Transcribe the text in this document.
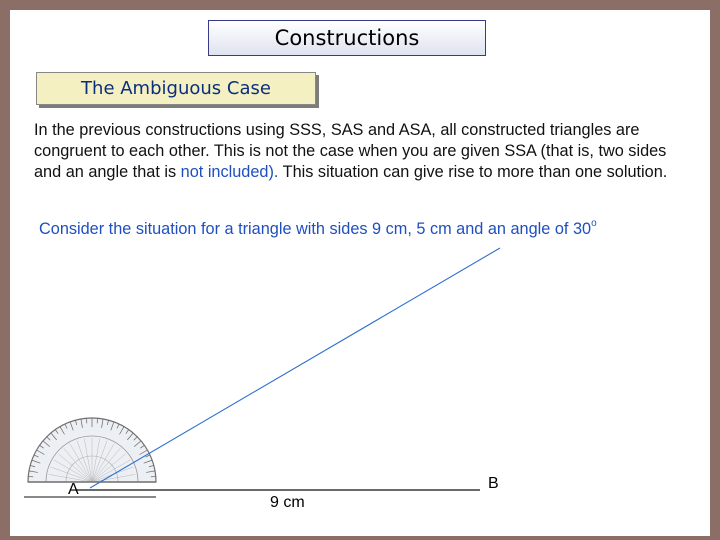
Constructions
The Ambiguous Case
In the previous constructions using SSS, SAS and ASA, all constructed triangles are congruent to each other. This is not the case when you are given SSA (that is, two sides and an angle that is not included). This situation can give rise to more than one solution.
Consider the situation for a triangle with sides 9 cm, 5 cm and an angle of 30$^o$
A	B
9 cm
